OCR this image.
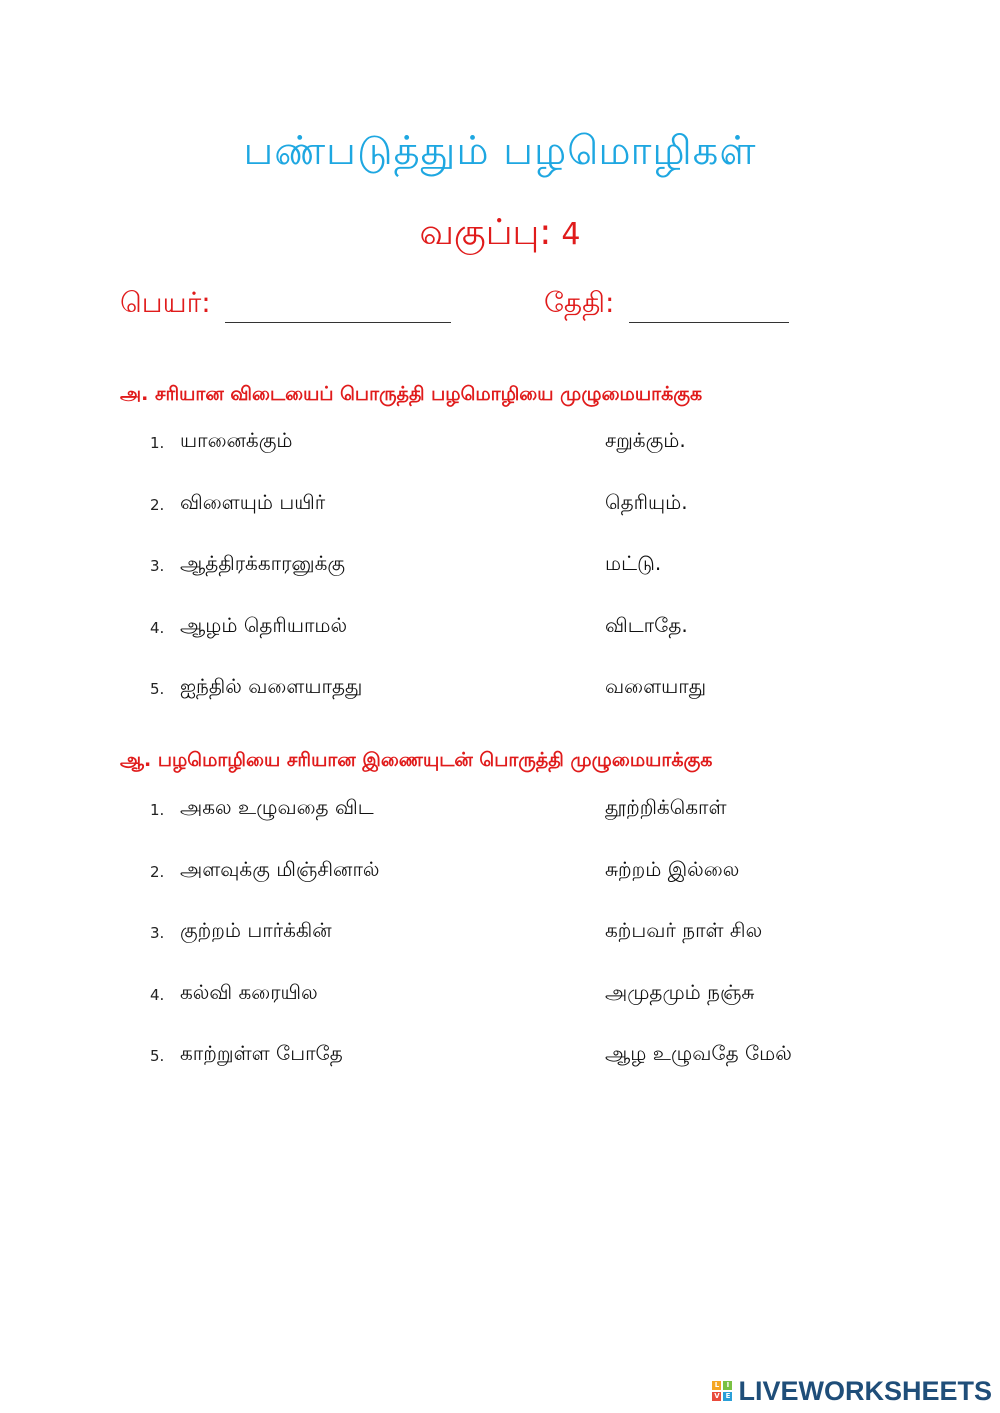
பண்படுத்தும் பழமொழிகள்
வகுப்பு: 4
பெயர்:	தேதி:
அ. சரியான விடையைப் பொருத்தி பழமொழியை முழுமையாக்குக
1. யானைக்கும்	சறுக்கும்.
2. விளையும் பயிர்	தெரியும்.
3. ஆத்திரக்காரனுக்கு	மட்டு.
4. ஆழம் தெரியாமல்	விடாதே.
5. ஐந்தில் வளையாதது	வளையாது
ஆ. பழமொழியை சரியான இணையுடன் பொருத்தி முழுமையாக்குக
1. அகல உழுவதை விட	தூற்றிக்கொள்
2. அளவுக்கு மிஞ்சினால்	சுற்றம் இல்லை
3. குற்றம் பார்க்கின்	கற்பவர் நாள் சில
4. கல்வி கரையில	அமுதமும் நஞ்சு
5. காற்றுள்ள போதே	ஆழ உழுவதே மேல்
L	I
V E LIVEWORKSHEETS
